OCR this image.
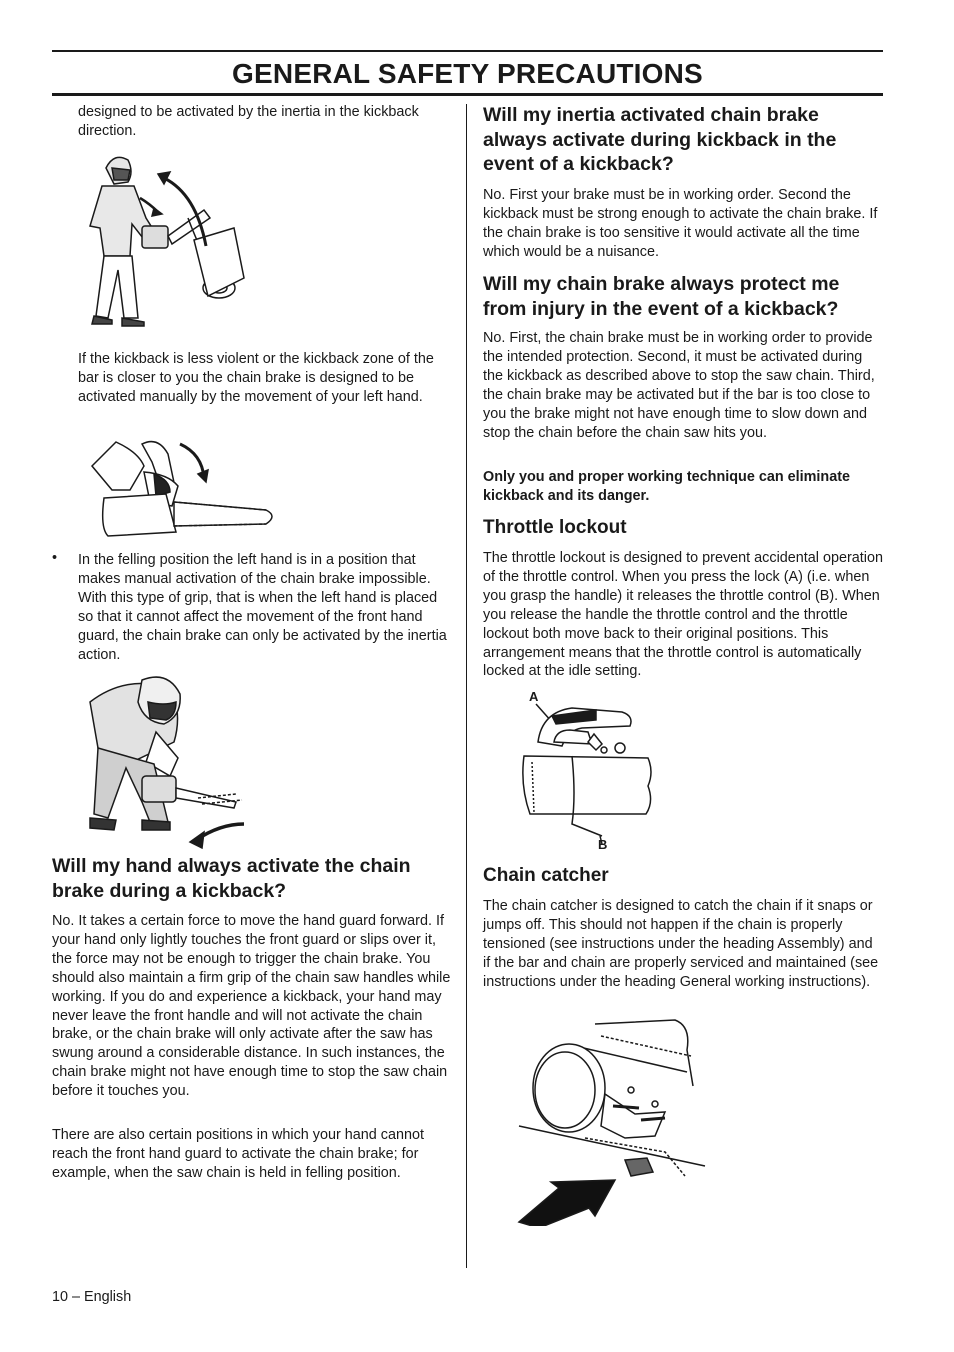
GENERAL SAFETY PRECAUTIONS

designed to be activated by the inertia in the kickback direction.

If the kickback is less violent or the kickback zone of the bar is closer to you the chain brake is designed to be activated manually by the movement of your left hand.

• In the felling position the left hand is in a position that makes manual activation of the chain brake impossible. With this type of grip, that is when the left hand is placed so that it cannot affect the movement of the front hand guard, the chain brake can only be activated by the inertia action.

Will my hand always activate the chain brake during a kickback?

No. It takes a certain force to move the hand guard forward. If your hand only lightly touches the front guard or slips over it, the force may not be enough to trigger the chain brake. You should also maintain a firm grip of the chain saw handles while working. If you do and experience a kickback, your hand may never leave the front handle and will not activate the chain brake, or the chain brake will only activate after the saw has swung around a considerable distance. In such instances, the chain brake might not have enough time to stop the saw chain before it touches you.

There are also certain positions in which your hand cannot reach the front hand guard to activate the chain brake; for example, when the saw chain is held in felling position.

Will my inertia activated chain brake always activate during kickback in the event of a kickback?

No. First your brake must be in working order. Second the kickback must be strong enough to activate the chain brake. If the chain brake is too sensitive it would activate all the time which would be a nuisance.

Will my chain brake always protect me from injury in the event of a kickback?

No. First, the chain brake must be in working order to provide the intended protection. Second, it must be activated during the kickback as described above to stop the saw chain. Third, the chain brake may be activated but if the bar is too close to you the brake might not have enough time to slow down and stop the chain before the chain saw hits you.

Only you and proper working technique can eliminate kickback and its danger.

Throttle lockout

The throttle lockout is designed to prevent accidental operation of the throttle control. When you press the lock (A) (i.e. when you grasp the handle) it releases the throttle control (B). When you release the handle the throttle control and the throttle lockout both move back to their original positions. This arrangement means that the throttle control is automatically locked at the idle setting.

A
B
Chain catcher

The chain catcher is designed to catch the chain if it snaps or jumps off. This should not happen if the chain is properly tensioned (see instructions under the heading Assembly) and if the bar and chain are properly serviced and maintained (see instructions under the heading General working instructions).

10 – English
